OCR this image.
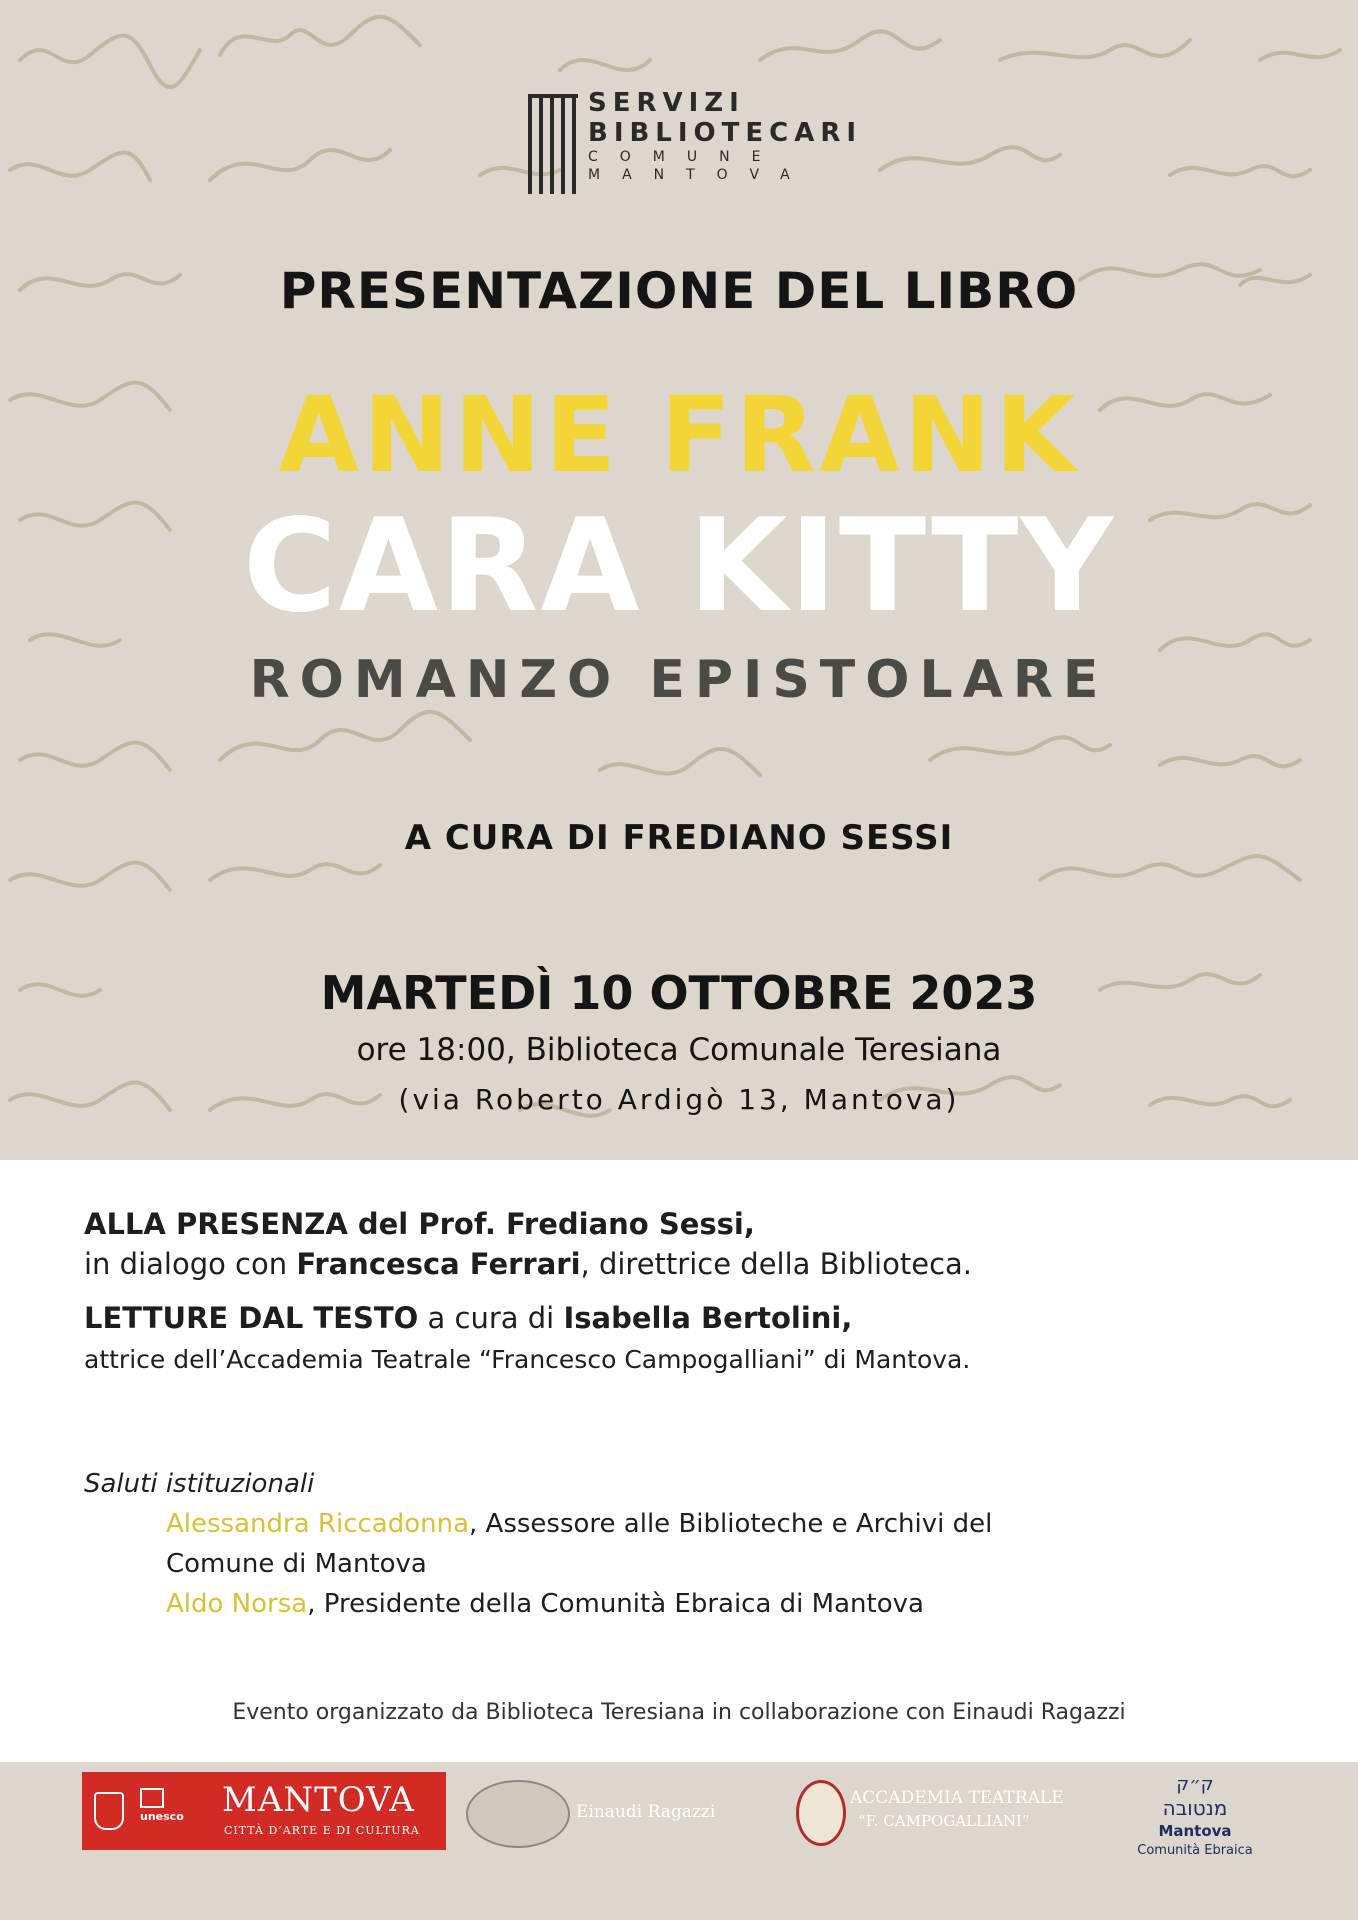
SERVIZI
BIBLIOTECARI
COMUNE
MANTOVA
PRESENTAZIONE DEL LIBRO
ANNE FRANK
CARA KITTY
ROMANZO EPISTOLARE
A CURA DI FREDIANO SESSI
MARTEDÌ 10 OTTOBRE 2023
ore 18:00, Biblioteca Comunale Teresiana
(via Roberto Ardigò 13, Mantova)
ALLA PRESENZA del Prof. Frediano Sessi,
in dialogo con Francesca Ferrari, direttrice della Biblioteca.
LETTURE DAL TESTO a cura di Isabella Bertolini,
attrice dell’Accademia Teatrale “Francesco Campogalliani” di Mantova.
Saluti istituzionali
Alessandra Riccadonna, Assessore alle Biblioteche e Archivi del
Comune di Mantova
Aldo Norsa, Presidente della Comunità Ebraica di Mantova
Evento organizzato da Biblioteca Teresiana in collaborazione con Einaudi Ragazzi
unesco	MANTOVA
CITTÀ D’ARTE E DI CULTURA
Einaudi Ragazzi
ACCADEMIA TEATRALE
“F. CAMPOGALLIANI”
ק״ק
מנטובה
Mantova
Comunità Ebraica
